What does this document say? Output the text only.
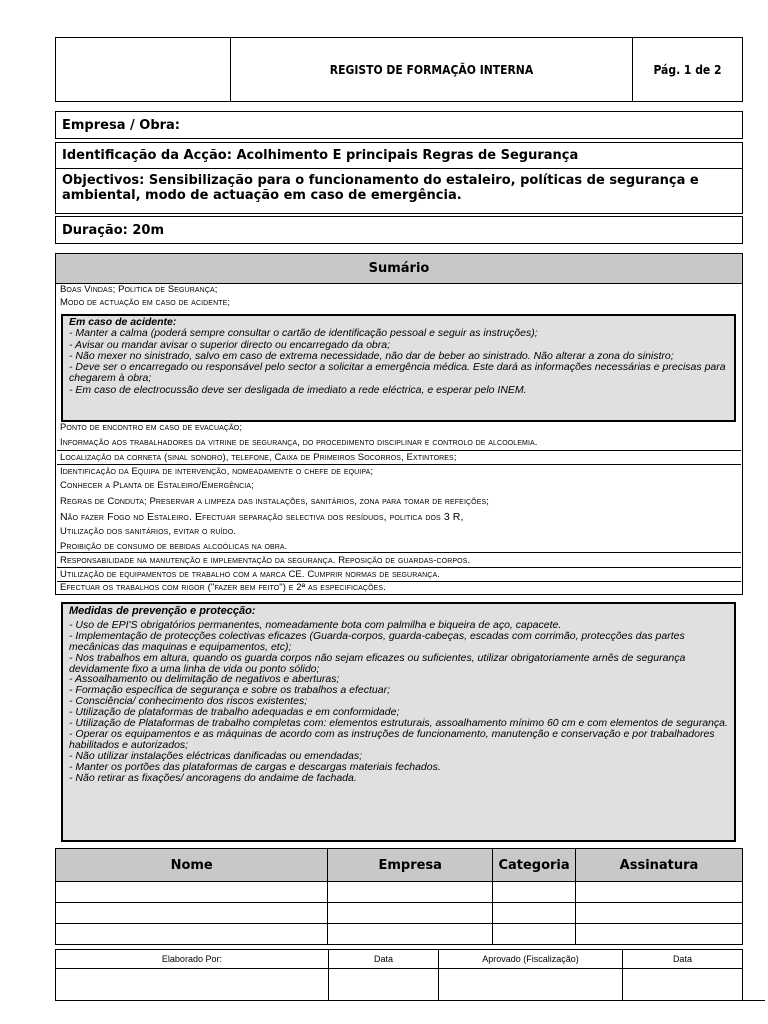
REGISTO DE FORMAÇÃO INTERNA	Pág. 1 de 2
Empresa / Obra:
Identificação da Acção: Acolhimento E principais Regras de Segurança
Objectivos: Sensibilização para o funcionamento do estaleiro, políticas de segurança e ambiental, modo de actuação em caso de emergência.
Duração: 20m
Sumário
Boas Vindas; Politica de Segurança;
Modo de actuação em caso de acidente;
Em caso de acidente:
- Manter a calma (poderá sempre consultar o cartão de identificação pessoal e seguir as instruções);
- Avisar ou mandar avisar o superior directo ou encarregado da obra;
- Não mexer no sinistrado, salvo em caso de extrema necessidade, não dar de beber ao sinistrado. Não alterar a zona do sinistro;
- Deve ser o encarregado ou responsável pelo sector a solicitar a emergência médica. Este dará as informações necessárias e precisas para chegarem à obra;
- Em caso de electrocussão deve ser desligada de imediato a rede eléctrica, e esperar pelo INEM.
Ponto de encontro em caso de evacuação;
Informação aos trabalhadores da vitrine de segurança, do procedimento disciplinar e controlo de alcoolemia.
Localização da corneta (sinal sonoro), telefone, Caixa de Primeiros Socorros, Extintores;
Identificação da Equipa de intervenção, nomeadamente o chefe de equipa;
Conhecer a Planta de Estaleiro/Emergência;
Regras de Conduta; Preservar a limpeza das instalações, sanitários, zona para tomar de refeições;
Não fazer Fogo no Estaleiro. Efectuar separação selectiva dos resíduos, politica dos 3 R,
Utilização dos sanitários, evitar o ruído.
Proibição de consumo de bebidas alcoólicas na obra.
Responsabilidade na manutenção e implementação da segurança. Reposição de guardas-corpos.
Utilização de equipamentos de trabalho com a marca CE. Cumprir normas de segurança.
Efectuar os trabalhos com rigor ("fazer bem feito") e 2ª as especificações.
Medidas de prevenção e protecção:
- Uso de EPI'S obrigatórios permanentes, nomeadamente bota com palmilha e biqueira de aço, capacete.
- Implementação de protecções colectivas eficazes (Guarda-corpos, guarda-cabeças, escadas com corrimão, protecções das partes mecânicas das maquinas e equipamentos, etc);
- Nos trabalhos em altura, quando os guarda corpos não sejam eficazes ou suficientes, utilizar obrigatoriamente arnês de segurança devidamente fixo a uma linha de vida ou ponto sólido;
- Assoalhamento ou delimitação de negativos e aberturas;
- Formação específica de segurança e sobre os trabalhos a efectuar;
- Consciência/ conhecimento dos riscos existentes;
- Utilização de plataformas de trabalho adequadas e em conformidade;
- Utilização de Plataformas de trabalho completas com: elementos estruturais, assoalhamento mínimo 60 cm e com elementos de segurança.
- Operar os equipamentos e as máquinas de acordo com as instruções de funcionamento, manutenção e conservação e por trabalhadores habilitados e autorizados;
- Não utilizar instalações eléctricas danificadas ou emendadas;
- Manter os portões das plataformas de cargas e descargas materiais fechados.
- Não retirar as fixações/ ancoragens do andaime de fachada.
Nome	Empresa	Categoria	Assinatura

Elaborado Por:	Data	Aprovado (Fiscalização)	Data
